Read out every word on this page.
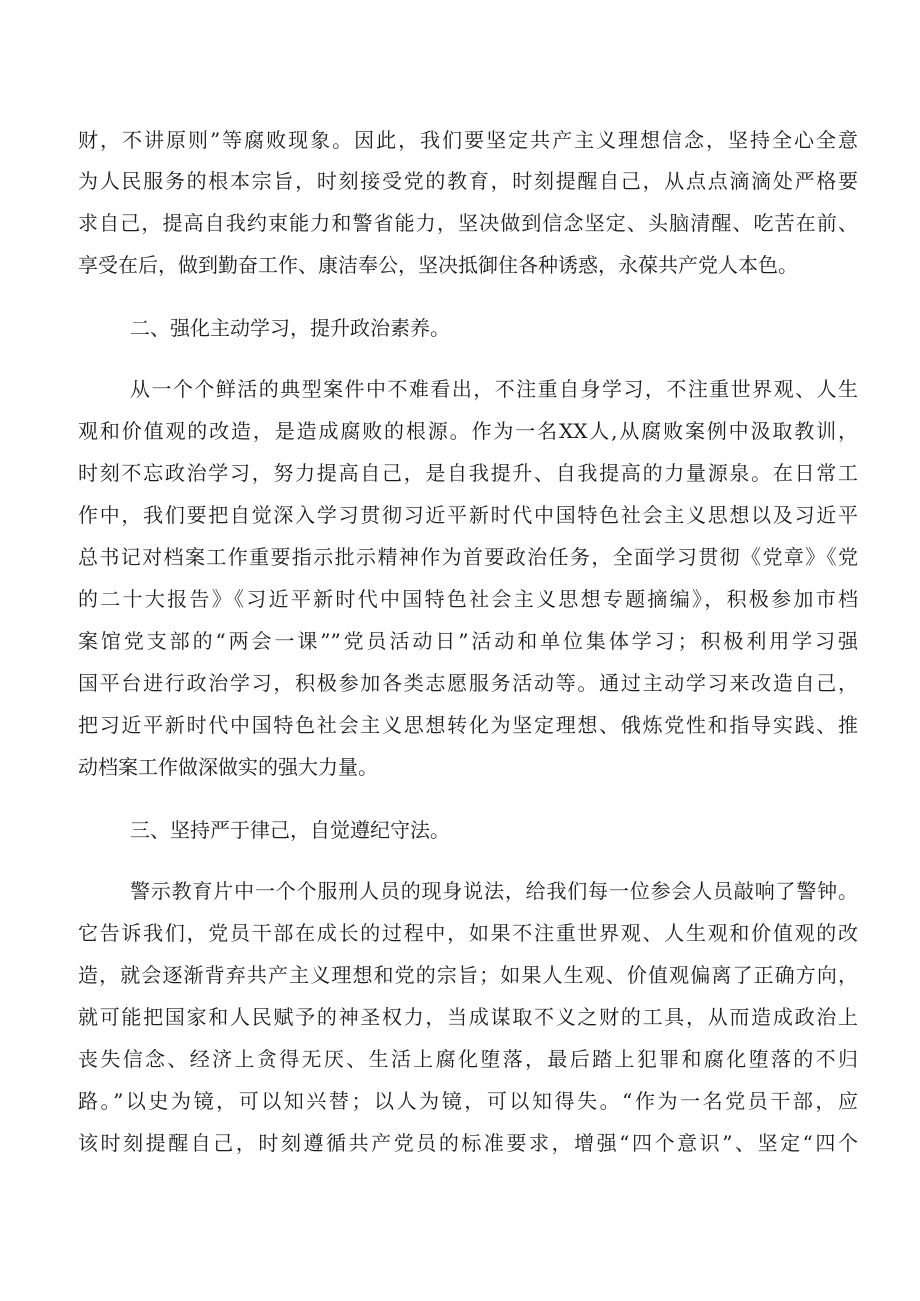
财，不讲原则”等腐败现象。因此，我们要坚定共产主义理想信念，坚持全心全意

为人民服务的根本宗旨，时刻接受党的教育，时刻提醒自己，从点点滴滴处严格要

求自己，提高自我约束能力和警省能力，坚决做到信念坚定、头脑清醒、吃苦在前、

享受在后，做到勤奋工作、康洁奉公，坚决抵御住各种诱惑，永葆共产党人本色。

二、强化主动学习，提升政治素养。

从一个个鲜活的典型案件中不难看出，不注重自身学习，不注重世界观、人生

观和价值观的改造，是造成腐败的根源。作为一名XX人,从腐败案例中汲取教训，

时刻不忘政治学习，努力提高自己，是自我提升、自我提高的力量源泉。在日常工

作中，我们要把自觉深入学习贯彻习近平新时代中国特色社会主义思想以及习近平

总书记对档案工作重要指示批示精神作为首要政治任务，全面学习贯彻《党章》《党

的二十大报告》《习近平新时代中国特色社会主义思想专题摘编》，积极参加市档

案馆党支部的“两会一课””党员活动日”活动和单位集体学习；积极利用学习强

国平台进行政治学习，积极参加各类志愿服务活动等。通过主动学习来改造自己，

把习近平新时代中国特色社会主义思想转化为坚定理想、俄炼党性和指导实践、推

动档案工作做深做实的强大力量。

三、坚持严于律己，自觉遵纪守法。

警示教育片中一个个服刑人员的现身说法，给我们每一位参会人员敲响了警钟。

它告诉我们，党员干部在成长的过程中，如果不注重世界观、人生观和价值观的改

造，就会逐渐背弃共产主义理想和党的宗旨；如果人生观、价值观偏离了正确方向，

就可能把国家和人民赋予的神圣权力，当成谋取不义之财的工具，从而造成政治上

丧失信念、经济上贪得无厌、生活上腐化堕落，最后踏上犯罪和腐化堕落的不归

路。”以史为镜，可以知兴替；以人为镜，可以知得失。“作为一名党员干部，应

该时刻提醒自己，时刻遵循共产党员的标准要求，增强“四个意识”、坚定“四个
